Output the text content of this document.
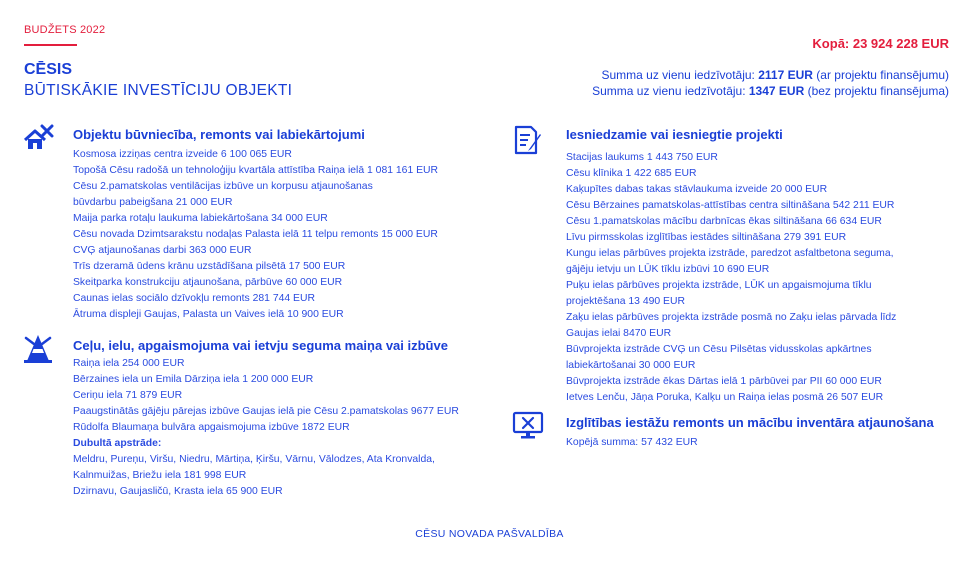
BUDŽETS 2022
CĒSIS
BŪTISKĀKIE INVESTĪCIJU OBJEKTI
Kopā: 23 924 228 EUR
Summa uz vienu iedzīvotāju: 2117 EUR (ar projektu finansējumu)
Summa uz vienu iedzīvotāju: 1347 EUR (bez projektu finansējuma)
Objektu būvniecība, remonts vai labiekārtojumi
Kosmosa izziņas centra izveide 6 100 065 EUR
Topošā Cēsu radošā un tehnoloģiju kvartāla attīstība Raiņa ielā 1 081 161 EUR
Cēsu 2.pamatskolas ventilācijas izbūve un korpusu atjaunošanas
būvdarbu pabeigšana 21 000 EUR
Maija parka rotaļu laukuma labiekārtošana 34 000 EUR
Cēsu novada Dzimtsarakstu nodaļas Palasta ielā 11 telpu remonts 15 000 EUR
CVĢ atjaunošanas darbi 363 000 EUR
Trīs dzeramā ūdens krānu uzstādīšana pilsētā 17 500 EUR
Skeitparka konstrukciju atjaunošana, pārbūve 60 000 EUR
Caunas ielas sociālo dzīvokļu remonts 281 744 EUR
Ātruma displeji Gaujas, Palasta un Vaives ielā 10 900 EUR
Ceļu, ielu, apgaismojuma vai ietvju seguma maiņa vai izbūve
Raiņa iela 254 000 EUR
Bērzaines iela un Emila Dārziņa iela 1 200 000 EUR
Ceriņu iela 71 879 EUR
Paaugstinātās gājēju pārejas izbūve Gaujas ielā pie Cēsu 2.pamatskolas 9677 EUR
Rūdolfa Blaumaņa bulvāra apgaismojuma izbūve 1872 EUR
Dubultā apstrāde:
Meldru, Pureņu, Viršu, Niedru, Mārtiņa, Ķiršu, Vārnu, Vālodzes, Ata Kronvalda,
Kalnmuižas, Briežu iela 181 998 EUR
Dzirnavu, Gaujasličū, Krasta iela 65 900 EUR
Iesniedzamie vai iesniegtie projekti
Stacijas laukums 1 443 750 EUR
Cēsu klīnika 1 422 685 EUR
Kaķupītes dabas takas stāvlaukuma izveide 20 000 EUR
Cēsu Bērzaines pamatskolas-attīstības centra siltināšana 542 211 EUR
Cēsu 1.pamatskolas mācību darbnīcas ēkas siltināšana 66 634 EUR
Līvu pirmsskolas izglītības iestādes siltināšana 279 391 EUR
Kungu ielas pārbūves projekta izstrāde, paredzot asfaltbetona seguma,
gājēju ietvju un LŪK tīklu izbūvi 10 690 EUR
Puķu ielas pārbūves projekta izstrāde, LŪK un apgaismojuma tīklu
projektēšana 13 490 EUR
Zaķu ielas pārbūves projekta izstrāde posmā no Zaķu ielas pārvada līdz
Gaujas ielai 8470 EUR
Būvprojekta izstrāde CVĢ un Cēsu Pilsētas vidusskolas apkārtnes
labiekārtošanai 30 000 EUR
Būvprojekta izstrāde ēkas Dārtas ielā 1 pārbūvei par PII 60 000 EUR
Ietves Lenču, Jāņa Poruka, Kalķu un Raiņa ielas posmā 26 507 EUR
Izglītības iestāžu remonts un mācību inventāra atjaunošana
Kopējā summa: 57 432 EUR
CĒSU NOVADA PAŠVALDĪBA
